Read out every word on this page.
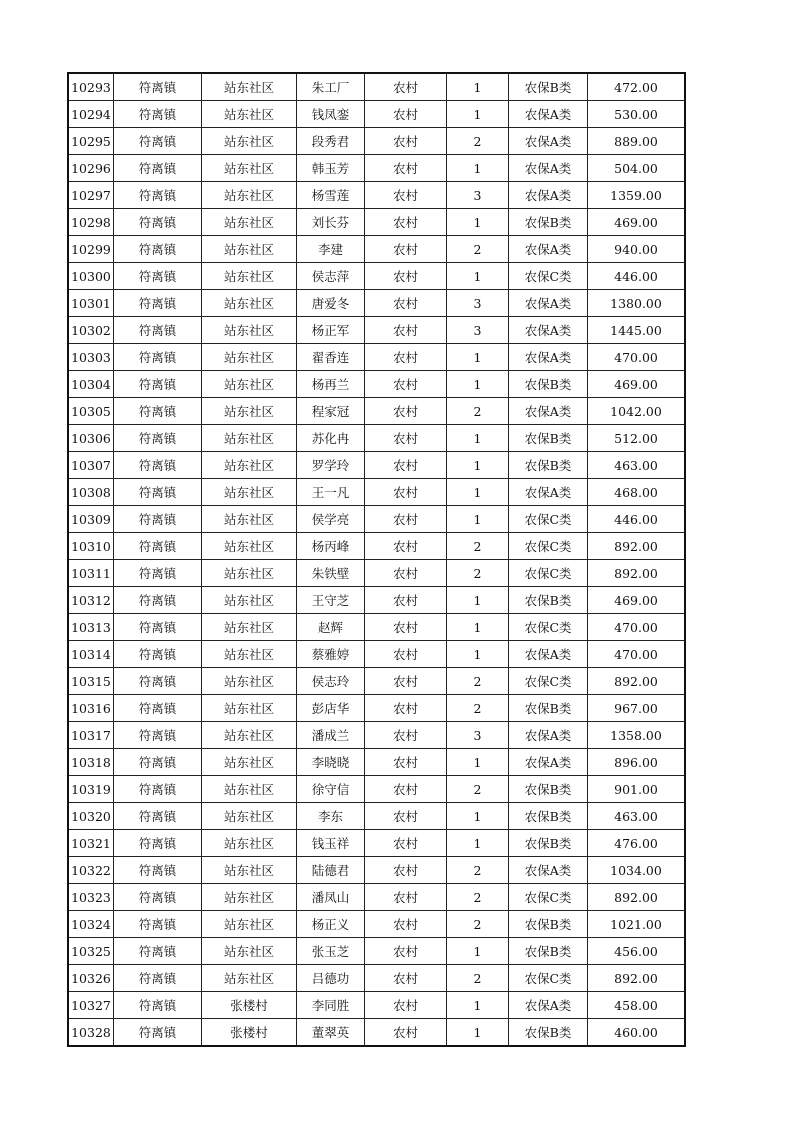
10293	符离镇	站东社区	朱工厂	农村	1	农保B类	472.00
10294	符离镇	站东社区	钱凤銮	农村	1	农保A类	530.00
10295	符离镇	站东社区	段秀君	农村	2	农保A类	889.00
10296	符离镇	站东社区	韩玉芳	农村	1	农保A类	504.00
10297	符离镇	站东社区	杨雪莲	农村	3	农保A类	1359.00
10298	符离镇	站东社区	刘长芬	农村	1	农保B类	469.00
10299	符离镇	站东社区	李建	农村	2	农保A类	940.00
10300	符离镇	站东社区	侯志萍	农村	1	农保C类	446.00
10301	符离镇	站东社区	唐爱冬	农村	3	农保A类	1380.00
10302	符离镇	站东社区	杨正军	农村	3	农保A类	1445.00
10303	符离镇	站东社区	翟香连	农村	1	农保A类	470.00
10304	符离镇	站东社区	杨再兰	农村	1	农保B类	469.00
10305	符离镇	站东社区	程家冠	农村	2	农保A类	1042.00
10306	符离镇	站东社区	苏化冉	农村	1	农保B类	512.00
10307	符离镇	站东社区	罗学玲	农村	1	农保B类	463.00
10308	符离镇	站东社区	王一凡	农村	1	农保A类	468.00
10309	符离镇	站东社区	侯学亮	农村	1	农保C类	446.00
10310	符离镇	站东社区	杨丙峰	农村	2	农保C类	892.00
10311	符离镇	站东社区	朱铁壁	农村	2	农保C类	892.00
10312	符离镇	站东社区	王守芝	农村	1	农保B类	469.00
10313	符离镇	站东社区	赵辉	农村	1	农保C类	470.00
10314	符离镇	站东社区	蔡雅婷	农村	1	农保A类	470.00
10315	符离镇	站东社区	侯志玲	农村	2	农保C类	892.00
10316	符离镇	站东社区	彭店华	农村	2	农保B类	967.00
10317	符离镇	站东社区	潘成兰	农村	3	农保A类	1358.00
10318	符离镇	站东社区	李晓晓	农村	1	农保A类	896.00
10319	符离镇	站东社区	徐守信	农村	2	农保B类	901.00
10320	符离镇	站东社区	李东	农村	1	农保B类	463.00
10321	符离镇	站东社区	钱玉祥	农村	1	农保B类	476.00
10322	符离镇	站东社区	陆德君	农村	2	农保A类	1034.00
10323	符离镇	站东社区	潘凤山	农村	2	农保C类	892.00
10324	符离镇	站东社区	杨正义	农村	2	农保B类	1021.00
10325	符离镇	站东社区	张玉芝	农村	1	农保B类	456.00
10326	符离镇	站东社区	吕德功	农村	2	农保C类	892.00
10327	符离镇	张楼村	李同胜	农村	1	农保A类	458.00
10328	符离镇	张楼村	董翠英	农村	1	农保B类	460.00
